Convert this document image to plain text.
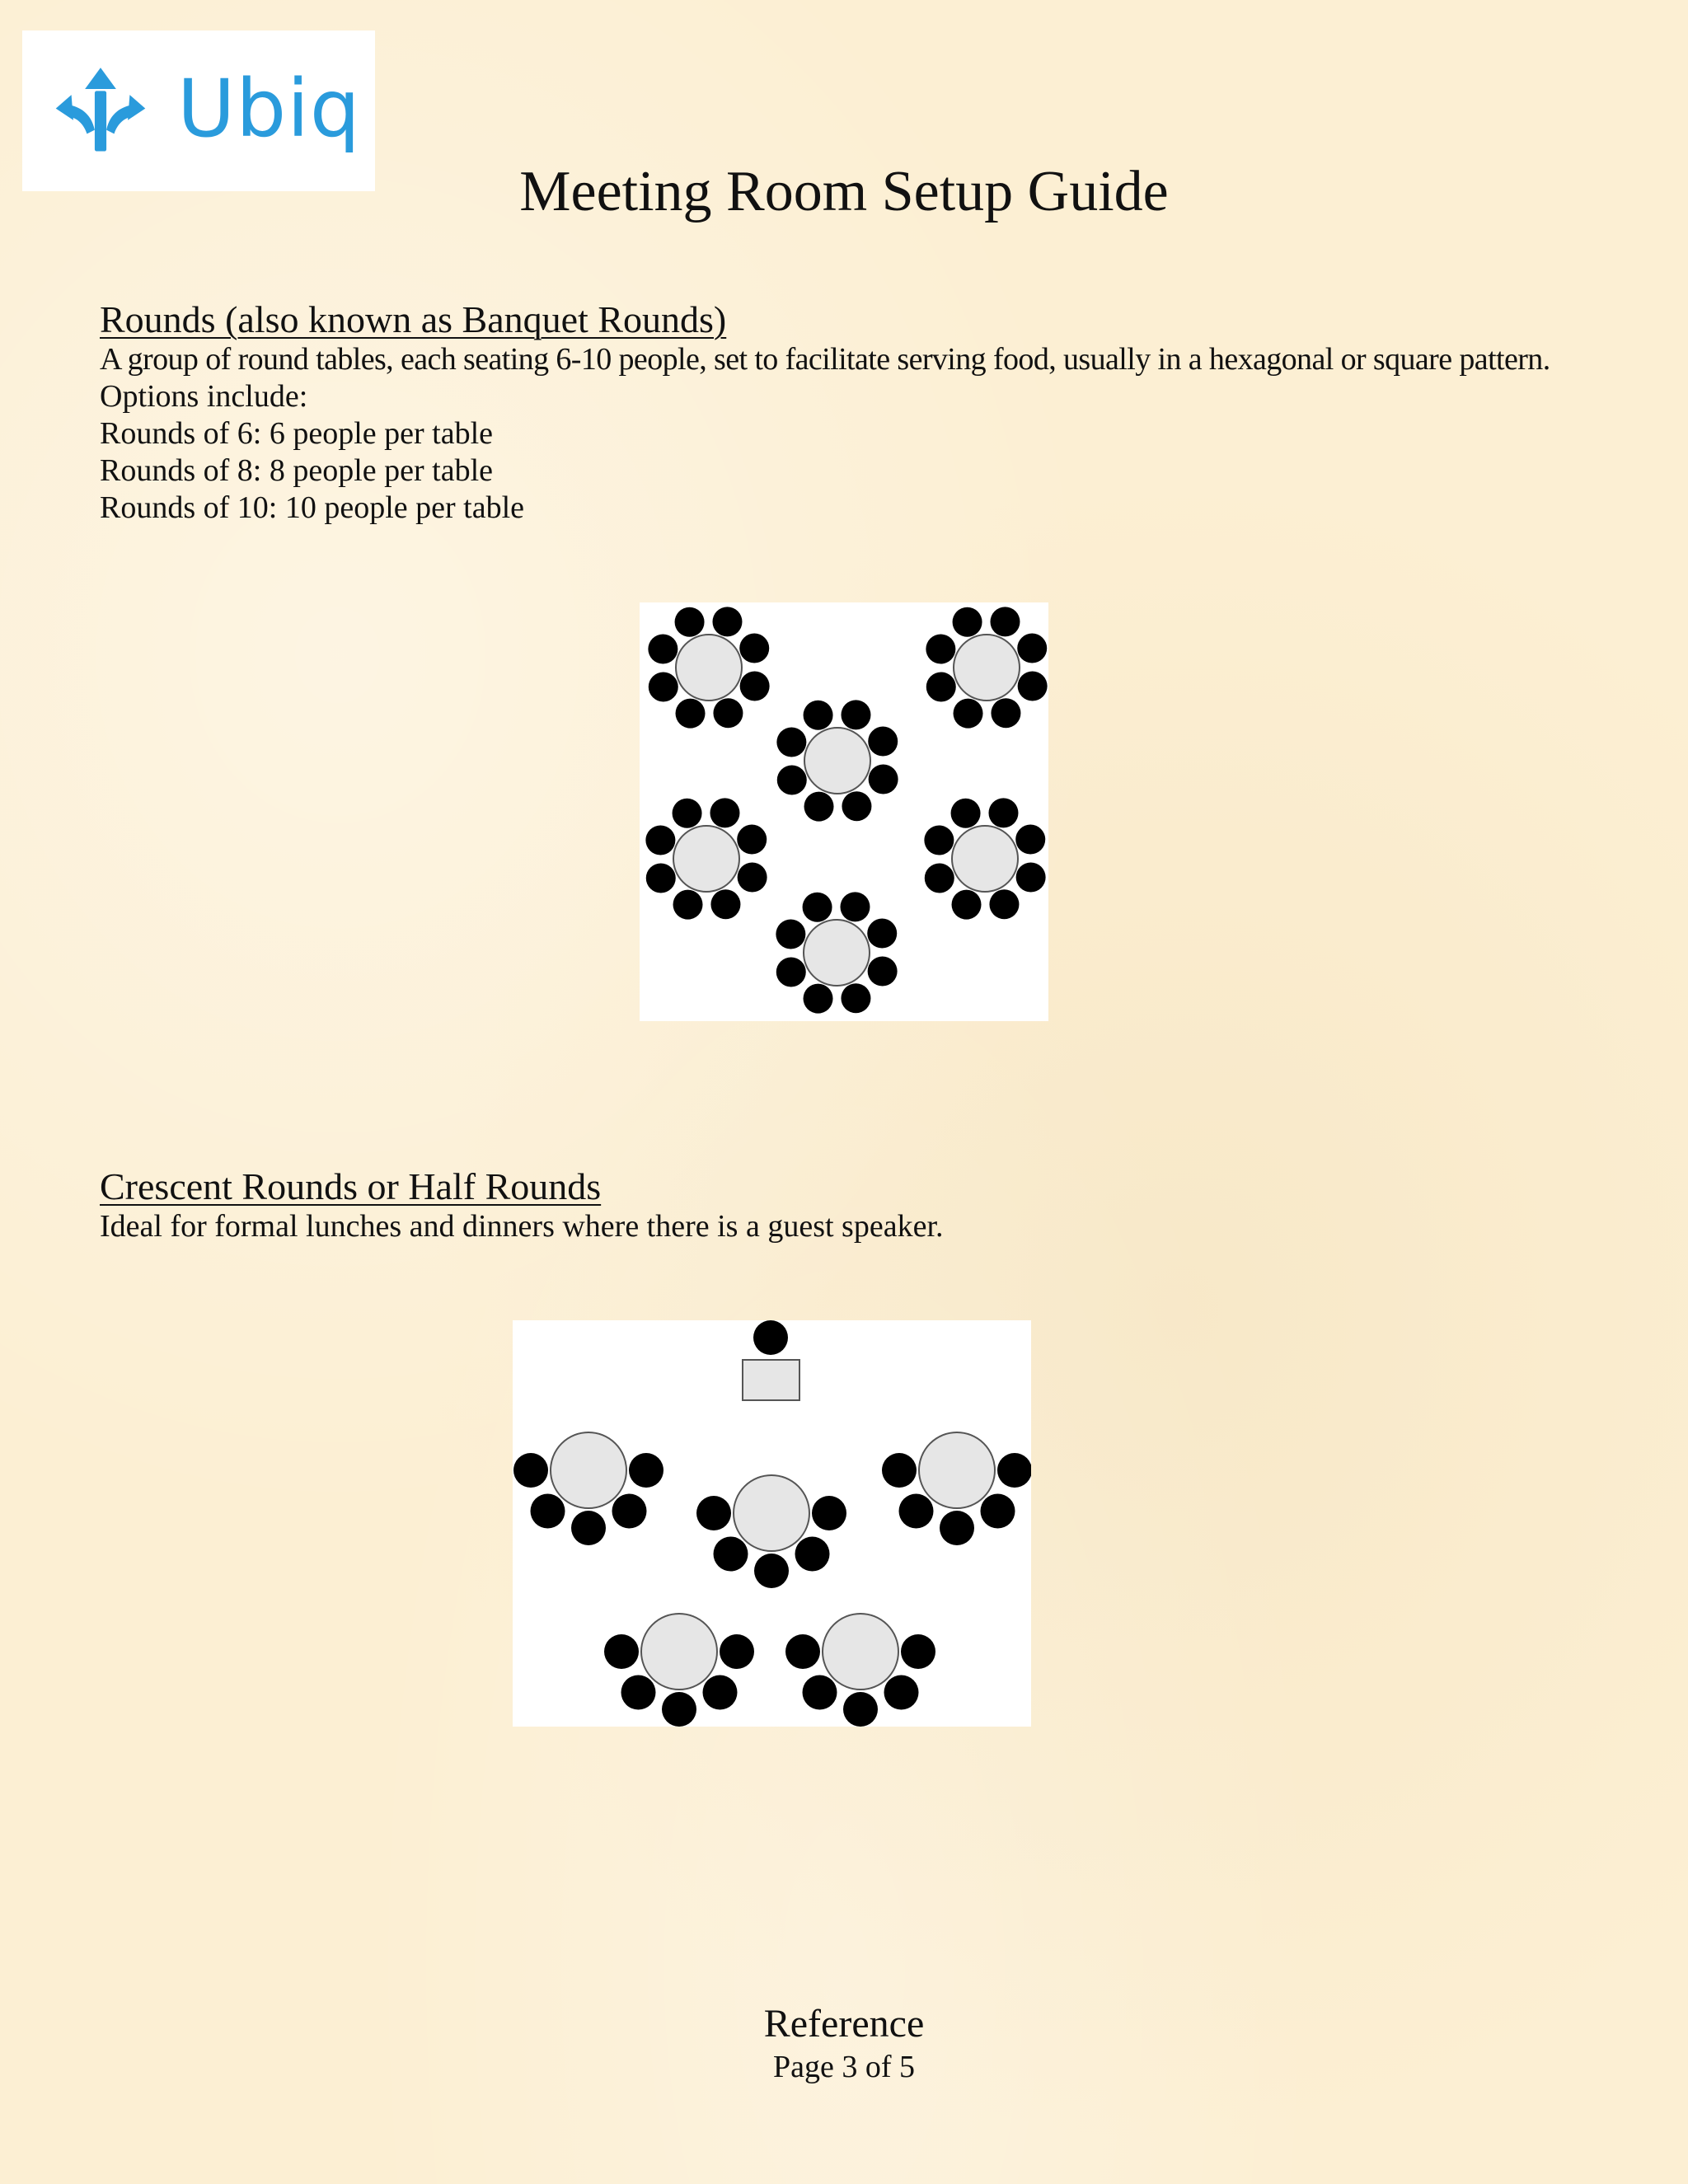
Ubiq
Meeting Room Setup Guide
Rounds (also known as Banquet Rounds)

A group of round tables, each seating 6-10 people, set to facilitate serving food, usually in a hexagonal or square pattern.

Options include:

Rounds of 6: 6 people per table

Rounds of 8: 8 people per table

Rounds of 10: 10 people per table

Crescent Rounds or Half Rounds

Ideal for formal lunches and dinners where there is a guest speaker.

Reference
Page 3 of 5
